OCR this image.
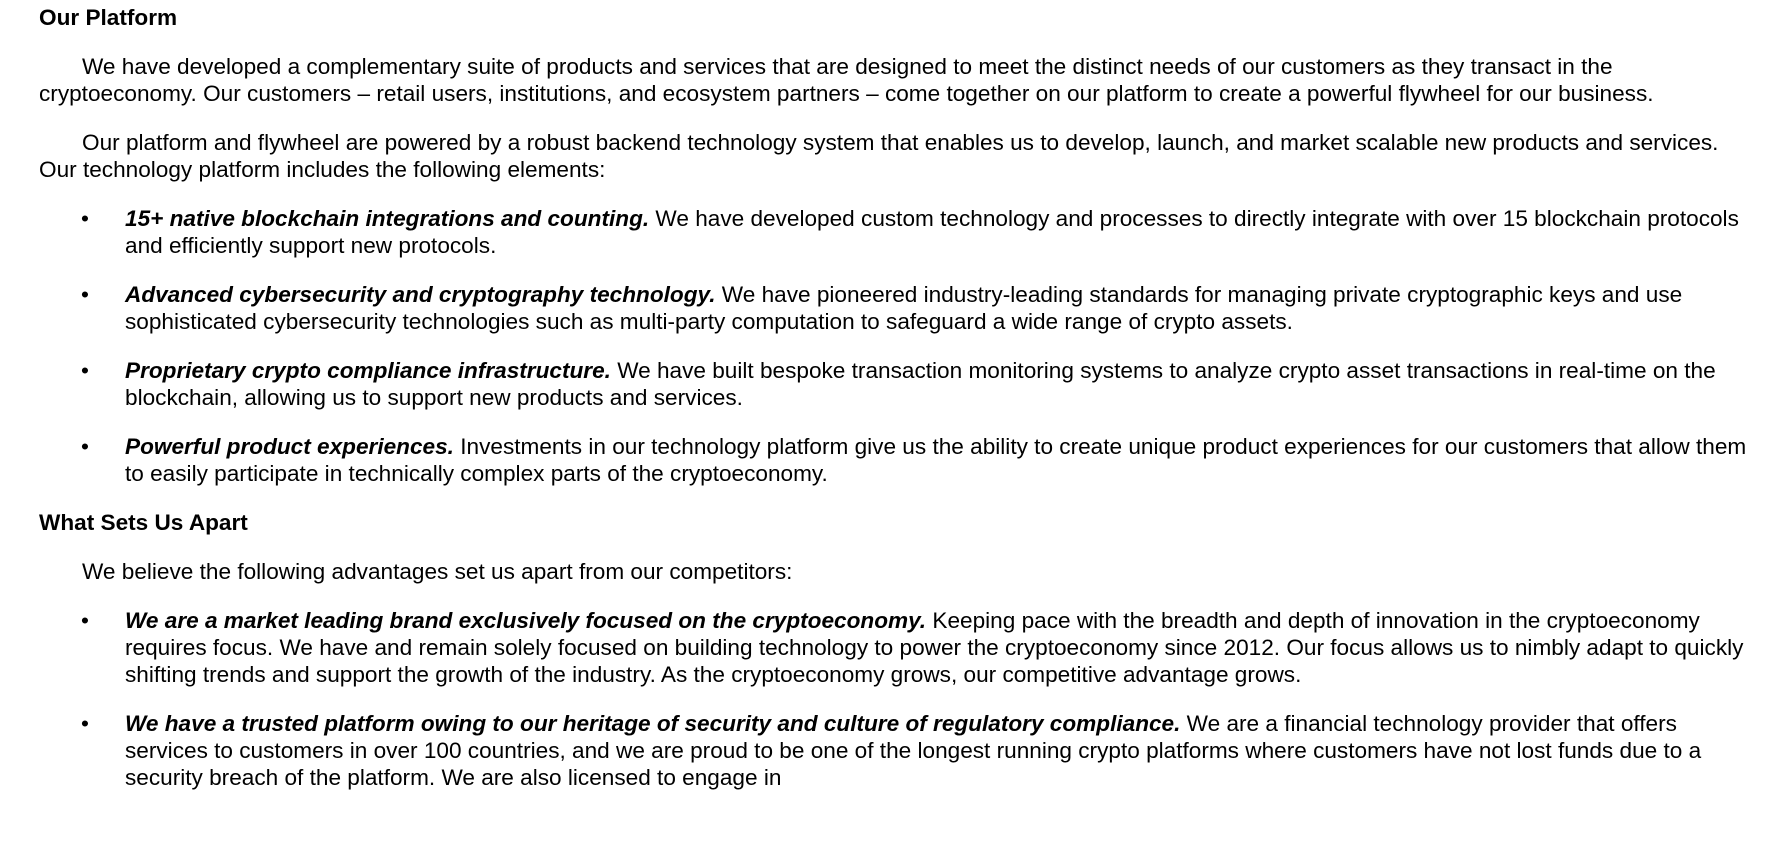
Our Platform

We have developed a complementary suite of products and services that are designed to meet the distinct needs of our customers as they transact in the cryptoeconomy. Our customers – retail users, institutions, and ecosystem partners – come together on our platform to create a powerful flywheel for our business.

Our platform and flywheel are powered by a robust backend technology system that enables us to develop, launch, and market scalable new products and services. Our technology platform includes the following elements:

• 15+ native blockchain integrations and counting. We have developed custom technology and processes to directly integrate with over 15 blockchain protocols and efficiently support new protocols.
• Advanced cybersecurity and cryptography technology. We have pioneered industry-leading standards for managing private cryptographic keys and use sophisticated cybersecurity technologies such as multi-party computation to safeguard a wide range of crypto assets.
• Proprietary crypto compliance infrastructure. We have built bespoke transaction monitoring systems to analyze crypto asset transactions in real-time on the blockchain, allowing us to support new products and services.
• Powerful product experiences. Investments in our technology platform give us the ability to create unique product experiences for our customers that allow them to easily participate in technically complex parts of the cryptoeconomy.
What Sets Us Apart

We believe the following advantages set us apart from our competitors:

• We are a market leading brand exclusively focused on the cryptoeconomy. Keeping pace with the breadth and depth of innovation in the cryptoeconomy requires focus. We have and remain solely focused on building technology to power the cryptoeconomy since 2012. Our focus allows us to nimbly adapt to quickly shifting trends and support the growth of the industry. As the cryptoeconomy grows, our competitive advantage grows.
• We have a trusted platform owing to our heritage of security and culture of regulatory compliance. We are a financial technology provider that offers services to customers in over 100 countries, and we are proud to be one of the longest running crypto platforms where customers have not lost funds due to a security breach of the platform. We are also licensed to engage in
